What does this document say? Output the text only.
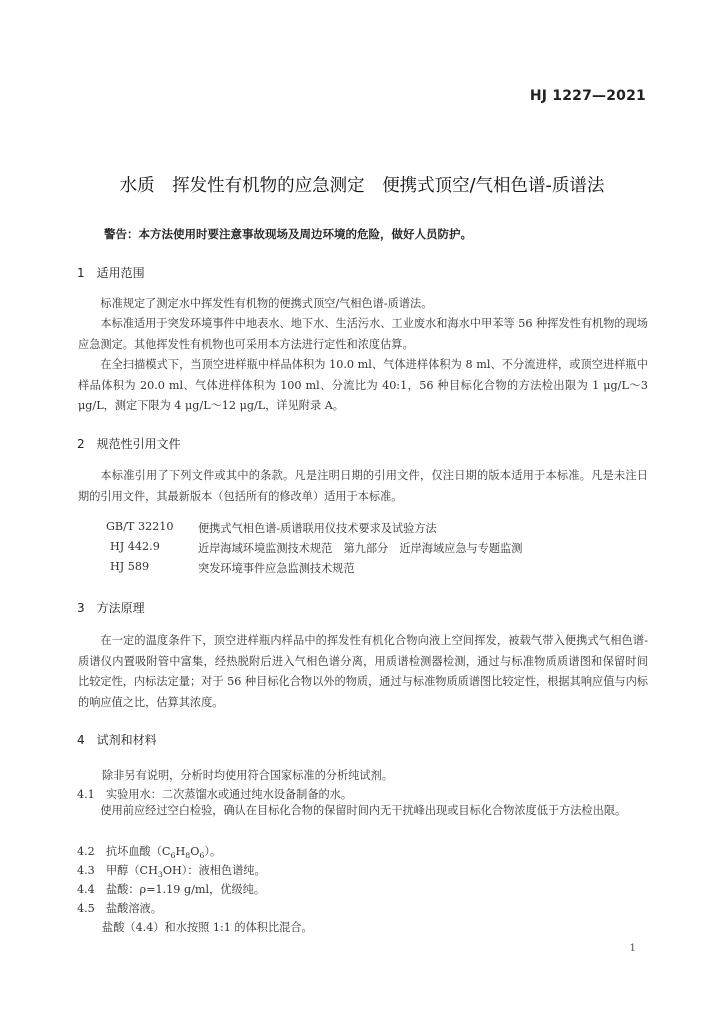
HJ 1227—2021
水质　挥发性有机物的应急测定　便携式顶空/气相色谱-质谱法
警告：本方法使用时要注意事故现场及周边环境的危险，做好人员防护。
1　适用范围

标准规定了测定水中挥发性有机物的便携式顶空/气相色谱-质谱法。

本标准适用于突发环境事件中地表水、地下水、生活污水、工业废水和海水中甲苯等 56 种挥发性有机物的现场应急测定。其他挥发性有机物也可采用本方法进行定性和浓度估算。

在全扫描模式下，当顶空进样瓶中样品体积为 10.0 ml、气体进样体积为 8 ml、不分流进样，或顶空进样瓶中样品体积为 20.0 ml、气体进样体积为 100 ml、分流比为 40:1，56 种目标化合物的方法检出限为 1 μg/L～3 μg/L，测定下限为 4 μg/L～12 μg/L，详见附录 A。

2　规范性引用文件

本标准引用了下列文件或其中的条款。凡是注明日期的引用文件，仅注日期的版本适用于本标准。凡是未注日期的引用文件，其最新版本（包括所有的修改单）适用于本标准。

GB/T 32210 便携式气相色谱-质谱联用仪技术要求及试验方法
HJ 442.9	近岸海域环境监测技术规范　第九部分　近岸海域应急与专题监测
HJ 589	突发环境事件应急监测技术规范
3　方法原理

在一定的温度条件下，顶空进样瓶内样品中的挥发性有机化合物向液上空间挥发，被载气带入便携式气相色谱-质谱仪内置吸附管中富集，经热脱附后进入气相色谱分离，用质谱检测器检测，通过与标准物质质谱图和保留时间比较定性，内标法定量；对于 56 种目标化合物以外的物质，通过与标准物质质谱图比较定性，根据其响应值与内标的响应值之比，估算其浓度。

4　试剂和材料
除非另有说明，分析时均使用符合国家标准的分析纯试剂。
4.1　实验用水：二次蒸馏水或通过纯水设备制备的水。

使用前应经过空白检验，确认在目标化合物的保留时间内无干扰峰出现或目标化合物浓度低于方法检出限。

4.2　抗坏血酸$(C_6H_8O_6)$。
4.3　甲醇$(CH_3OH)$：液相色谱纯。
4.4　盐酸：ρ=1.19 g/ml，优级纯。
4.5　盐酸溶液。
盐酸（4.4）和水按照 1:1 的体积比混合。
1
